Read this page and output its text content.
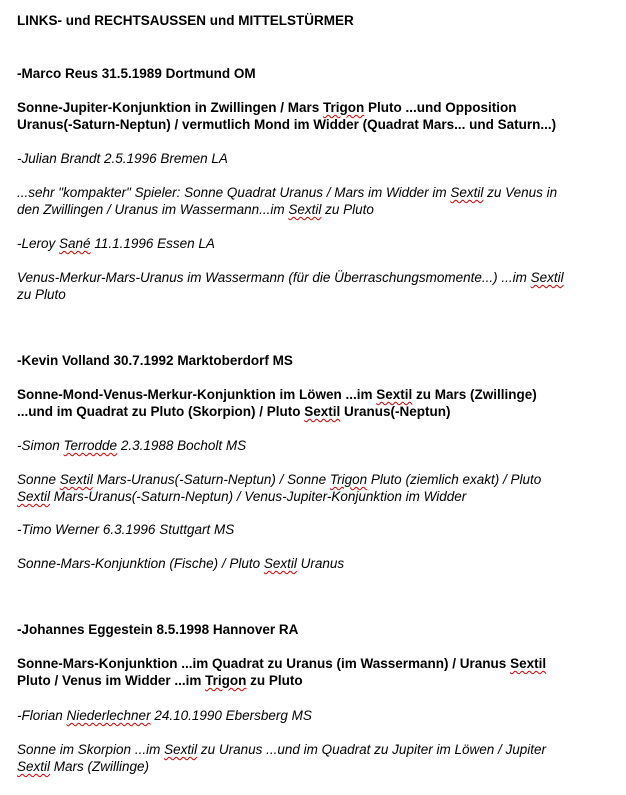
LINKS- und RECHTSAUSSEN und MITTELSTÜRMER
-Marco Reus 31.5.1989 Dortmund OM
Sonne-Jupiter-Konjunktion in Zwillingen / Mars Trigon Pluto ...und Opposition
Uranus(-Saturn-Neptun) / vermutlich Mond im Widder (Quadrat Mars... und Saturn...)
-Julian Brandt 2.5.1996 Bremen LA
...sehr "kompakter" Spieler: Sonne Quadrat Uranus / Mars im Widder im Sextil zu Venus in
den Zwillingen / Uranus im Wassermann...im Sextil zu Pluto
-Leroy Sané 11.1.1996 Essen LA
Venus-Merkur-Mars-Uranus im Wassermann (für die Überraschungsmomente...) ...im Sextil
zu Pluto
-Kevin Volland 30.7.1992 Marktoberdorf MS
Sonne-Mond-Venus-Merkur-Konjunktion im Löwen ...im Sextil zu Mars (Zwillinge)
...und im Quadrat zu Pluto (Skorpion) / Pluto Sextil Uranus(-Neptun)
-Simon Terrodde 2.3.1988 Bocholt MS
Sonne Sextil Mars-Uranus(-Saturn-Neptun) / Sonne Trigon Pluto (ziemlich exakt) / Pluto
Sextil Mars-Uranus(-Saturn-Neptun) / Venus-Jupiter-Konjunktion im Widder
-Timo Werner 6.3.1996 Stuttgart MS
Sonne-Mars-Konjunktion (Fische) / Pluto Sextil Uranus
-Johannes Eggestein 8.5.1998 Hannover RA
Sonne-Mars-Konjunktion ...im Quadrat zu Uranus (im Wassermann) / Uranus Sextil
Pluto / Venus im Widder ...im Trigon zu Pluto
-Florian Niederlechner 24.10.1990 Ebersberg MS
Sonne im Skorpion ...im Sextil zu Uranus ...und im Quadrat zu Jupiter im Löwen / Jupiter
Sextil Mars (Zwillinge)
